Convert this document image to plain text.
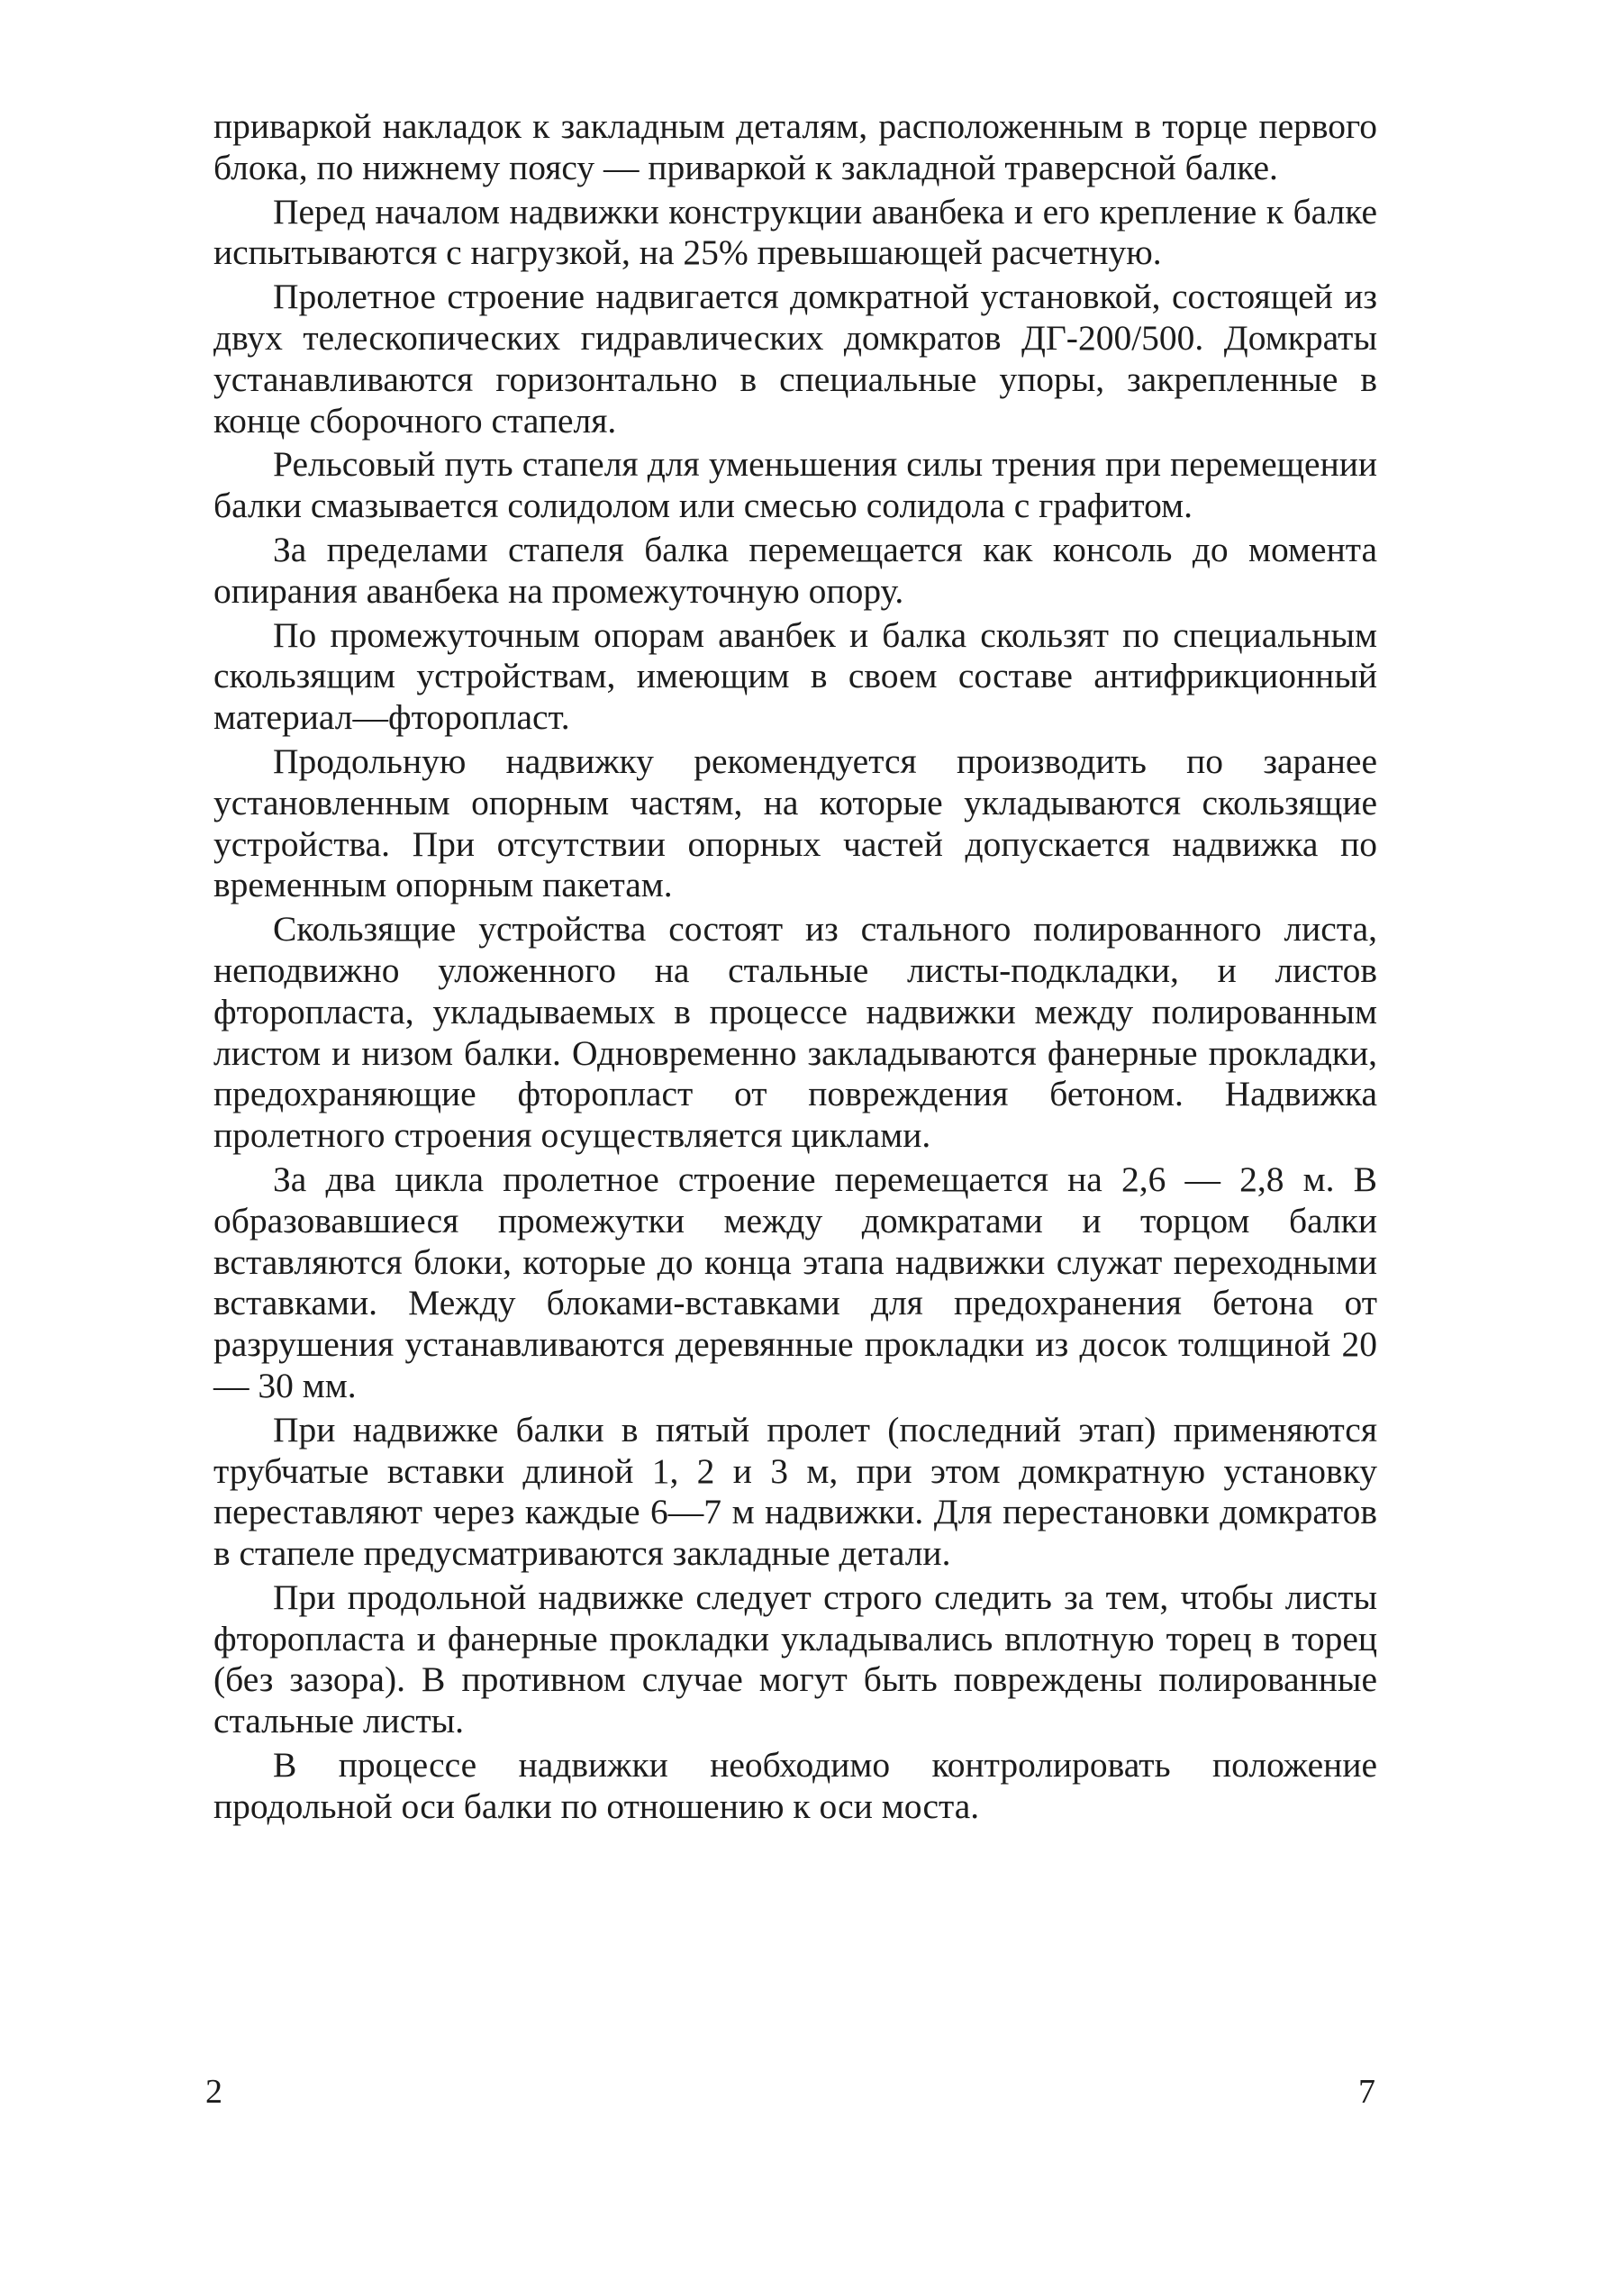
приваркой накладок к закладным деталям, расположенным в торце первого блока, по нижнему поясу — приваркой к закладной траверсной балке.

Перед началом надвижки конструкции аванбека и его крепление к балке испытываются с нагрузкой, на 25% превышающей расчетную.

Пролетное строение надвигается домкратной установкой, состоящей из двух телескопических гидравлических домкратов ДГ-200/500. Домкраты устанавливаются горизонтально в специальные упоры, закрепленные в конце сборочного стапеля.

Рельсовый путь стапеля для уменьшения силы трения при перемещении балки смазывается солидолом или смесью солидола с графитом.

За пределами стапеля балка перемещается как консоль до момента опирания аванбека на промежуточную опору.

По промежуточным опорам аванбек и балка скользят по специальным скользящим устройствам, имеющим в своем составе антифрикционный материал—фторопласт.

Продольную надвижку рекомендуется производить по заранее установленным опорным частям, на которые укладываются скользящие устройства. При отсутствии опорных частей допускается надвижка по временным опорным пакетам.

Скользящие устройства состоят из стального полированного листа, неподвижно уложенного на стальные листы-подкладки, и листов фторопласта, укладываемых в процессе надвижки между полированным листом и низом балки. Одновременно закладываются фанерные прокладки, предохраняющие фторопласт от повреждения бетоном. Надвижка пролетного строения осуществляется циклами.

За два цикла пролетное строение перемещается на 2,6 — 2,8 м. В образовавшиеся промежутки между домкратами и торцом балки вставляются блоки, которые до конца этапа надвижки служат переходными вставками. Между блоками-вставками для предохранения бетона от разрушения устанавливаются деревянные прокладки из досок толщиной 20 — 30 мм.

При надвижке балки в пятый пролет (последний этап) применяются трубчатые вставки длиной 1, 2 и 3 м, при этом домкратную установку переставляют через каждые 6—7 м надвижки. Для перестановки домкратов в стапеле предусматриваются закладные детали.

При продольной надвижке следует строго следить за тем, чтобы листы фторопласта и фанерные прокладки укладывались вплотную торец в торец (без зазора). В противном случае могут быть повреждены полированные стальные листы.

В процессе надвижки необходимо контролировать положение продольной оси балки по отношению к оси моста.

2	7
